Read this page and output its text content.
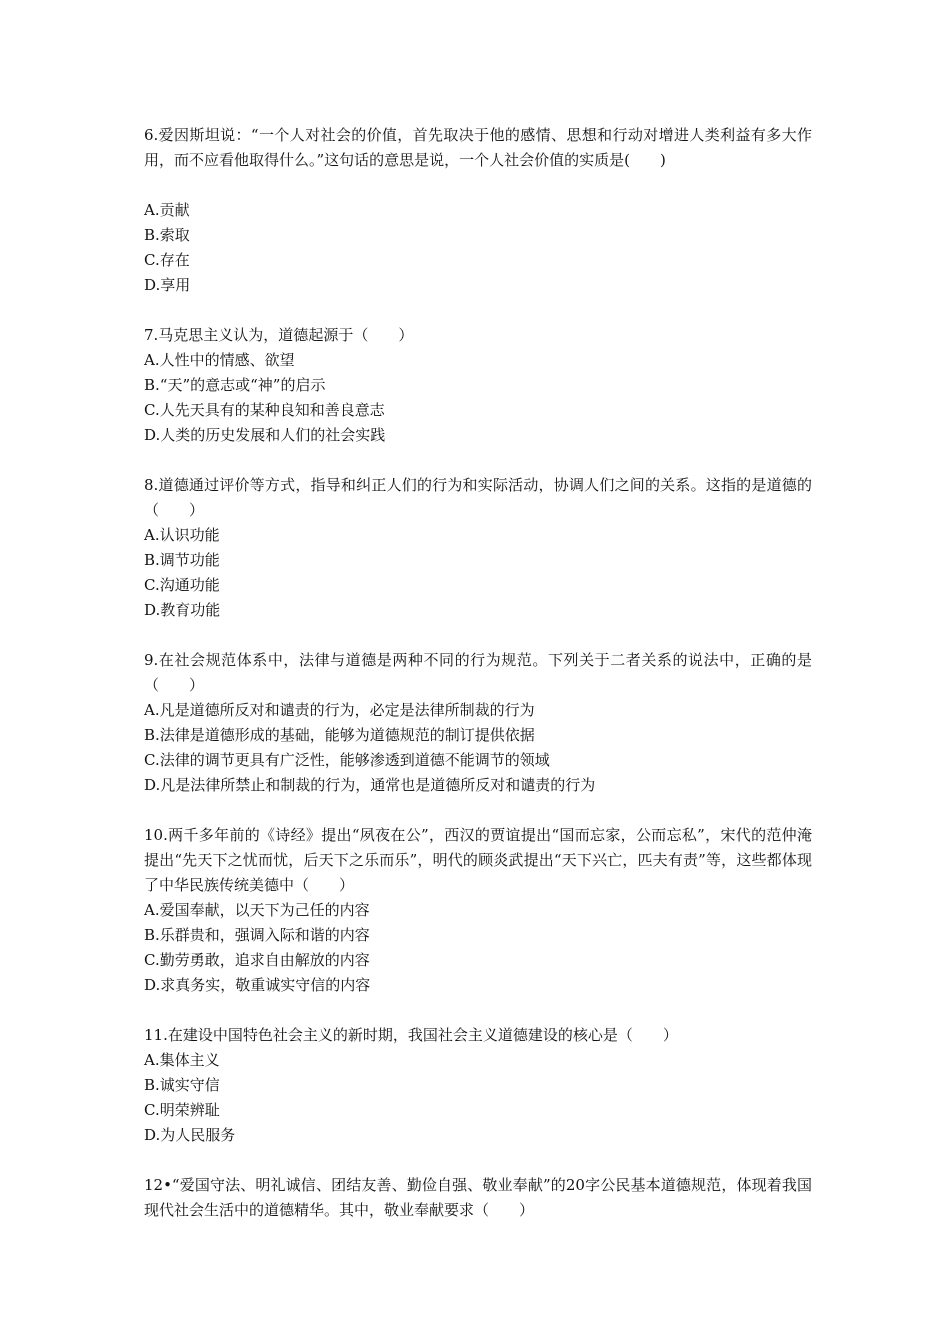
6.爱因斯坦说：“一个人对社会的价值，首先取决于他的感情、思想和行动对增进人类利益有多大作用，而不应看他取得什么。”这句话的意思是说，一个人社会价值的实质是(　　)

A.贡献

B.索取

C.存在

D.享用

7.马克思主义认为，道德起源于（　　）

A.人性中的情感、欲望

B.“天”的意志或“神”的启示

C.人先天具有的某种良知和善良意志

D.人类的历史发展和人们的社会实践

8.道德通过评价等方式，指导和纠正人们的行为和实际活动，协调人们之间的关系。这指的是道德的（　　）

A.认识功能

B.调节功能

C.沟通功能

D.教育功能

9.在社会规范体系中，法律与道德是两种不同的行为规范。下列关于二者关系的说法中，正确的是（　　）

A.凡是道德所反对和谴责的行为，必定是法律所制裁的行为

B.法律是道德形成的基础，能够为道德规范的制订提供依据

C.法律的调节更具有广泛性，能够渗透到道德不能调节的领域

D.凡是法律所禁止和制裁的行为，通常也是道德所反对和谴责的行为

10.两千多年前的《诗经》提出“夙夜在公”，西汉的贾谊提出“国而忘家，公而忘私”，宋代的范仲淹提出“先天下之忧而忧，后天下之乐而乐”，明代的顾炎武提出“天下兴亡，匹夫有责”等，这些都体现了中华民族传统美德中（　　）

A.爱国奉献，以天下为己任的内容

B.乐群贵和，强调入际和谐的内容

C.勤劳勇敢，追求自由解放的内容

D.求真务实，敬重诚实守信的内容

11.在建设中国特色社会主义的新时期，我国社会主义道德建设的核心是（　　）

A.集体主义

B.诚实守信

C.明荣辨耻

D.为人民服务

12•“爱国守法、明礼诚信、团结友善、勤俭自强、敬业奉献”的20字公民基本道德规范，体现着我国现代社会生活中的道德精华。其中，敬业奉献要求（　　）
